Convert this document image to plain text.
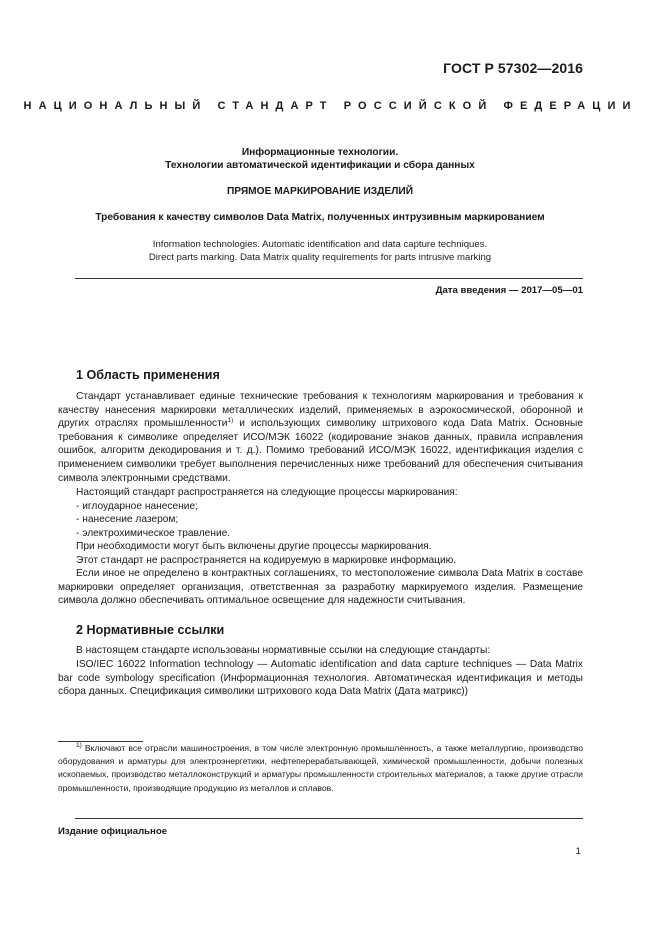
ГОСТ Р 57302—2016
НАЦИОНАЛЬНЫЙ СТАНДАРТ РОССИЙСКОЙ ФЕДЕРАЦИИ
Информационные технологии.
Технологии автоматической идентификации и сбора данных
ПРЯМОЕ МАРКИРОВАНИЕ ИЗДЕЛИЙ
Требования к качеству символов Data Matrix, полученных интрузивным маркированием
Information technologies. Automatic identification and data capture techniques.
Direct parts marking. Data Matrix quality requirements for parts intrusive marking
Дата введения — 2017—05—01
1 Область применения
Стандарт устанавливает единые технические требования к технологиям маркирования и требования к качеству нанесения маркировки металлических изделий, применяемых в аэрокосмической, оборонной и других отраслях промышленности$^{1)}$ и использующих символику штрихового кода Data Matrix. Основные требования к символике определяет ИСО/МЭК 16022 (кодирование знаков данных, правила исправления ошибок, алгоритм декодирования и т. д.). Помимо требований ИСО/МЭК 16022, идентификация изделия с применением символики требует выполнения перечисленных ниже требований для обеспечения считывания символа электронными средствами.
Настоящий стандарт распространяется на следующие процессы маркирования:
- иглоударное нанесение;
- нанесение лазером;
- электрохимическое травление.
При необходимости могут быть включены другие процессы маркирования.
Этот стандарт не распространяется на кодируемую в маркировке информацию.
Если иное не определено в контрактных соглашениях, то местоположение символа Data Matrix в составе маркировки определяет организация, ответственная за разработку маркируемого изделия. Размещение символа должно обеспечивать оптимальное освещение для надежности считывания.
2 Нормативные ссылки
В настоящем стандарте использованы нормативные ссылки на следующие стандарты:
ISO/IEC 16022 Information technology — Automatic identification and data capture techniques — Data Matrix bar code symbology specification (Информационная технология. Автоматическая идентификация и методы сбора данных. Спецификация символики штрихового кода Data Matrix (Дата матрикс))
$^{1)}$ Включают все отрасли машиностроения, в том числе электронную промышленность, а также металлургию, производство оборудования и арматуры для электроэнергетики, нефтеперерабатывающей, химической промышленности, добычи полезных ископаемых, производство металлоконструкций и арматуры промышленности строительных материалов, а также другие отрасли промышленности, производящие продукцию из металлов и сплавов.
Издание официальное
1
